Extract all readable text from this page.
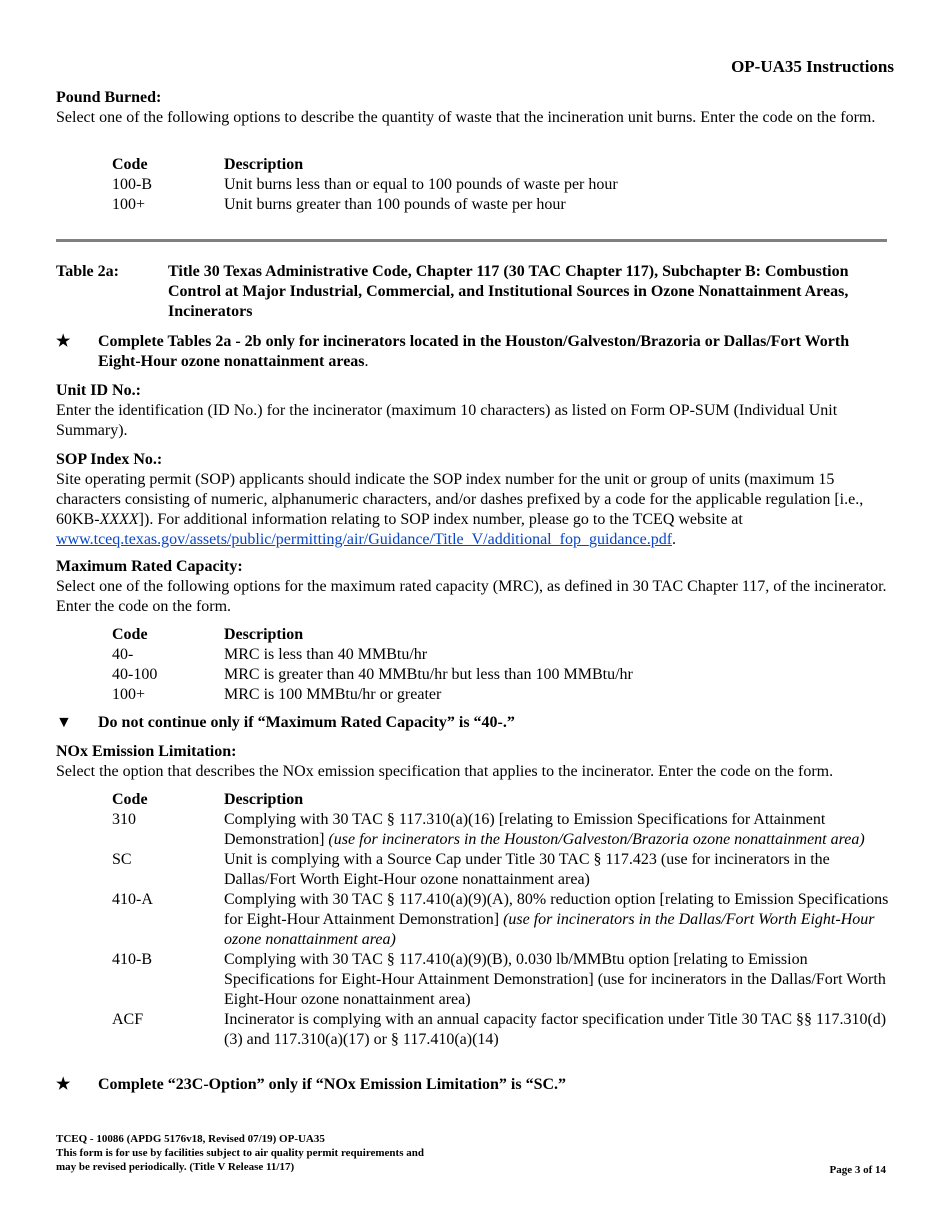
OP-UA35 Instructions
Pound Burned:
Select one of the following options to describe the quantity of waste that the incineration unit burns. Enter the code on the form.
Code	Description
100-B	Unit burns less than or equal to 100 pounds of waste per hour
100+	Unit burns greater than 100 pounds of waste per hour
Table 2a:	Title 30 Texas Administrative Code, Chapter 117 (30 TAC Chapter 117), Subchapter B: Combustion Control at Major Industrial, Commercial, and Institutional Sources in Ozone Nonattainment Areas, Incinerators
★	Complete Tables 2a - 2b only for incinerators located in the Houston/Galveston/Brazoria or Dallas/Fort Worth Eight-Hour ozone nonattainment areas.
Unit ID No.:
Enter the identification (ID No.) for the incinerator (maximum 10 characters) as listed on Form OP-SUM (Individual Unit Summary).
SOP Index No.:
Site operating permit (SOP) applicants should indicate the SOP index number for the unit or group of units (maximum 15 characters consisting of numeric, alphanumeric characters, and/or dashes prefixed by a code for the applicable regulation [i.e., 60KB-XXXX]). For additional information relating to SOP index number, please go to the TCEQ website at www.tceq.texas.gov/assets/public/permitting/air/Guidance/Title_V/additional_fop_guidance.pdf.
Maximum Rated Capacity:
Select one of the following options for the maximum rated capacity (MRC), as defined in 30 TAC Chapter 117, of the incinerator. Enter the code on the form.
Code	Description
40-	MRC is less than 40 MMBtu/hr
40-100	MRC is greater than 40 MMBtu/hr but less than 100 MMBtu/hr
100+	MRC is 100 MMBtu/hr or greater
▼	Do not continue only if “Maximum Rated Capacity” is “40-.”
NOx Emission Limitation:
Select the option that describes the NOx emission specification that applies to the incinerator. Enter the code on the form.
Code	Description
310	Complying with 30 TAC § 117.310(a)(16) [relating to Emission Specifications for Attainment Demonstration] (use for incinerators in the Houston/Galveston/Brazoria ozone nonattainment area)
SC	Unit is complying with a Source Cap under Title 30 TAC § 117.423 (use for incinerators in the Dallas/Fort Worth Eight-Hour ozone nonattainment area)
410-A	Complying with 30 TAC § 117.410(a)(9)(A), 80% reduction option [relating to Emission Specifications for Eight-Hour Attainment Demonstration] (use for incinerators in the Dallas/Fort Worth Eight-Hour ozone nonattainment area)
410-B	Complying with 30 TAC § 117.410(a)(9)(B), 0.030 lb/MMBtu option [relating to Emission Specifications for Eight-Hour Attainment Demonstration] (use for incinerators in the Dallas/Fort Worth Eight-Hour ozone nonattainment area)
ACF	Incinerator is complying with an annual capacity factor specification under Title 30 TAC §§ 117.310(d)(3) and 117.310(a)(17) or § 117.410(a)(14)
★	Complete “23C-Option” only if “NOx Emission Limitation” is “SC.”
TCEQ - 10086 (APDG 5176v18, Revised 07/19) OP-UA35
This form is for use by facilities subject to air quality permit requirements and
may be revised periodically. (Title V Release 11/17)	Page 3 of 14
